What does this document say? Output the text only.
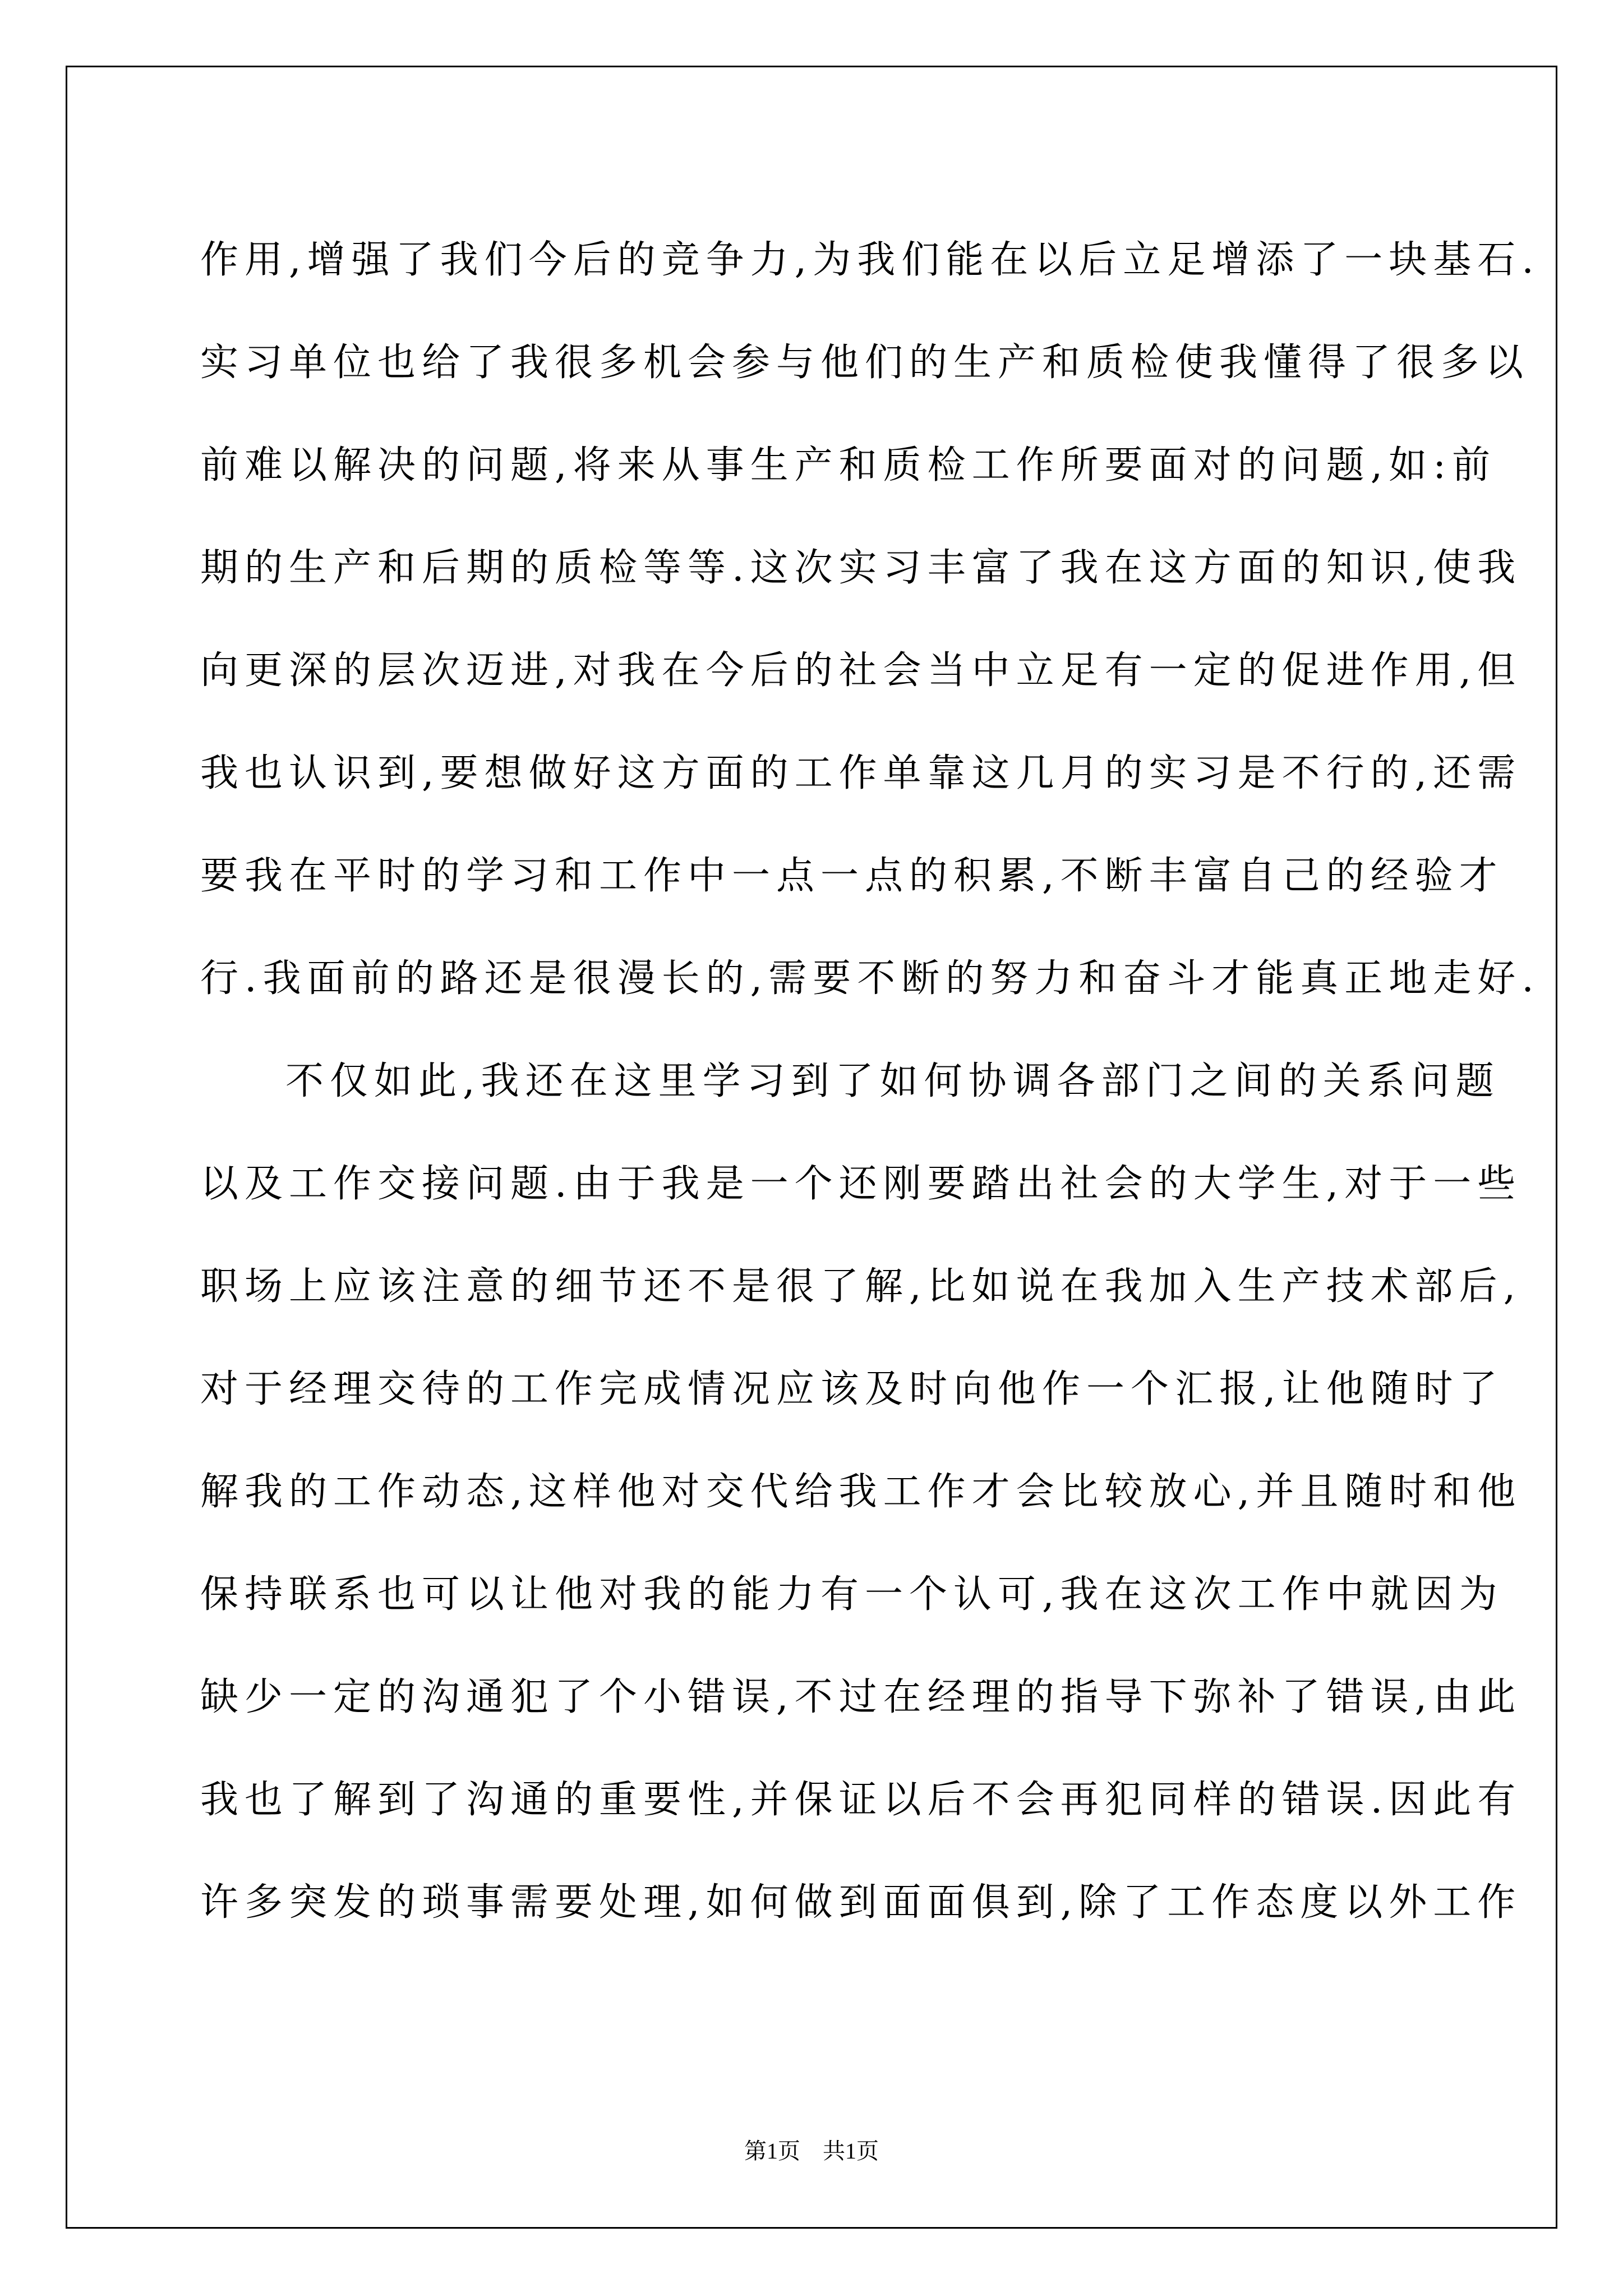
作用,增强了我们今后的竞争力,为我们能在以后立足增添了一块基石.
实习单位也给了我很多机会参与他们的生产和质检使我懂得了很多以
前难以解决的问题,将来从事生产和质检工作所要面对的问题,如:前
期的生产和后期的质检等等.这次实习丰富了我在这方面的知识,使我
向更深的层次迈进,对我在今后的社会当中立足有一定的促进作用,但
我也认识到,要想做好这方面的工作单靠这几月的实习是不行的,还需
要我在平时的学习和工作中一点一点的积累,不断丰富自己的经验才
行.我面前的路还是很漫长的,需要不断的努力和奋斗才能真正地走好.
不仅如此,我还在这里学习到了如何协调各部门之间的关系问题
以及工作交接问题.由于我是一个还刚要踏出社会的大学生,对于一些
职场上应该注意的细节还不是很了解,比如说在我加入生产技术部后,
对于经理交待的工作完成情况应该及时向他作一个汇报,让他随时了
解我的工作动态,这样他对交代给我工作才会比较放心,并且随时和他
保持联系也可以让他对我的能力有一个认可,我在这次工作中就因为
缺少一定的沟通犯了个小错误,不过在经理的指导下弥补了错误,由此
我也了解到了沟通的重要性,并保证以后不会再犯同样的错误.因此有
许多突发的琐事需要处理,如何做到面面俱到,除了工作态度以外工作
第1页　共1页
